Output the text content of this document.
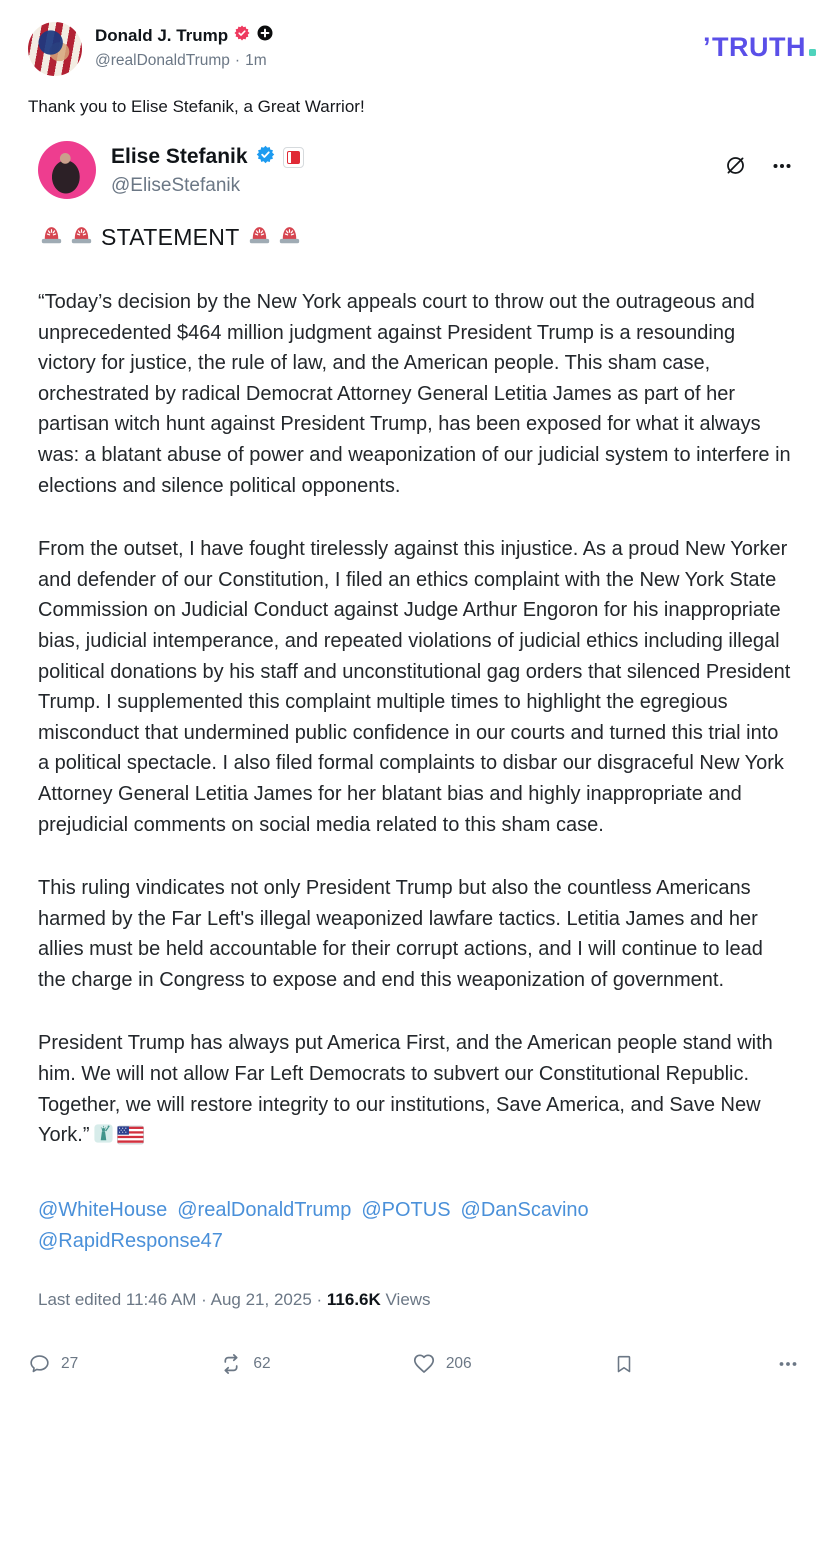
Donald J. Trump
@realDonaldTrump · 1m	’ TRUTH

Thank you to Elise Stefanik, a Great Warrior!

Elise Stefanik
@EliseStefanik
STATEMENT

“Today’s decision by the New York appeals court to throw out the outrageous and unprecedented $464 million judgment against President Trump is a resounding victory for justice, the rule of law, and the American people. This sham case, orchestrated by radical Democrat Attorney General Letitia James as part of her partisan witch hunt against President Trump, has been exposed for what it always was: a blatant abuse of power and weaponization of our judicial system to interfere in elections and silence political opponents.

From the outset, I have fought tirelessly against this injustice. As a proud New Yorker and defender of our Constitution, I filed an ethics complaint with the New York State Commission on Judicial Conduct against Judge Arthur Engoron for his inappropriate bias, judicial intemperance, and repeated violations of judicial ethics including illegal political donations by his staff and unconstitutional gag orders that silenced President Trump. I supplemented this complaint multiple times to highlight the egregious misconduct that undermined public confidence in our courts and turned this trial into a political spectacle. I also filed formal complaints to disbar our disgraceful New York Attorney General Letitia James for her blatant bias and highly inappropriate and prejudicial comments on social media related to this sham case.

This ruling vindicates not only President Trump but also the countless Americans harmed by the Far Left's illegal weaponized lawfare tactics. Letitia James and her allies must be held accountable for their corrupt actions, and I will continue to lead the charge in Congress to expose and end this weaponization of government.

President Trump has always put America First, and the American people stand with him. We will not allow Far Left Democrats to subvert our Constitutional Republic. Together, we will restore integrity to our institutions, Save America, and Save New York.”

@WhiteHouse @realDonaldTrump @POTUS @DanScavino
@RapidResponse47

Last edited 11:46 AM · Aug 21, 2025 · 116.6K Views

27	62	206
